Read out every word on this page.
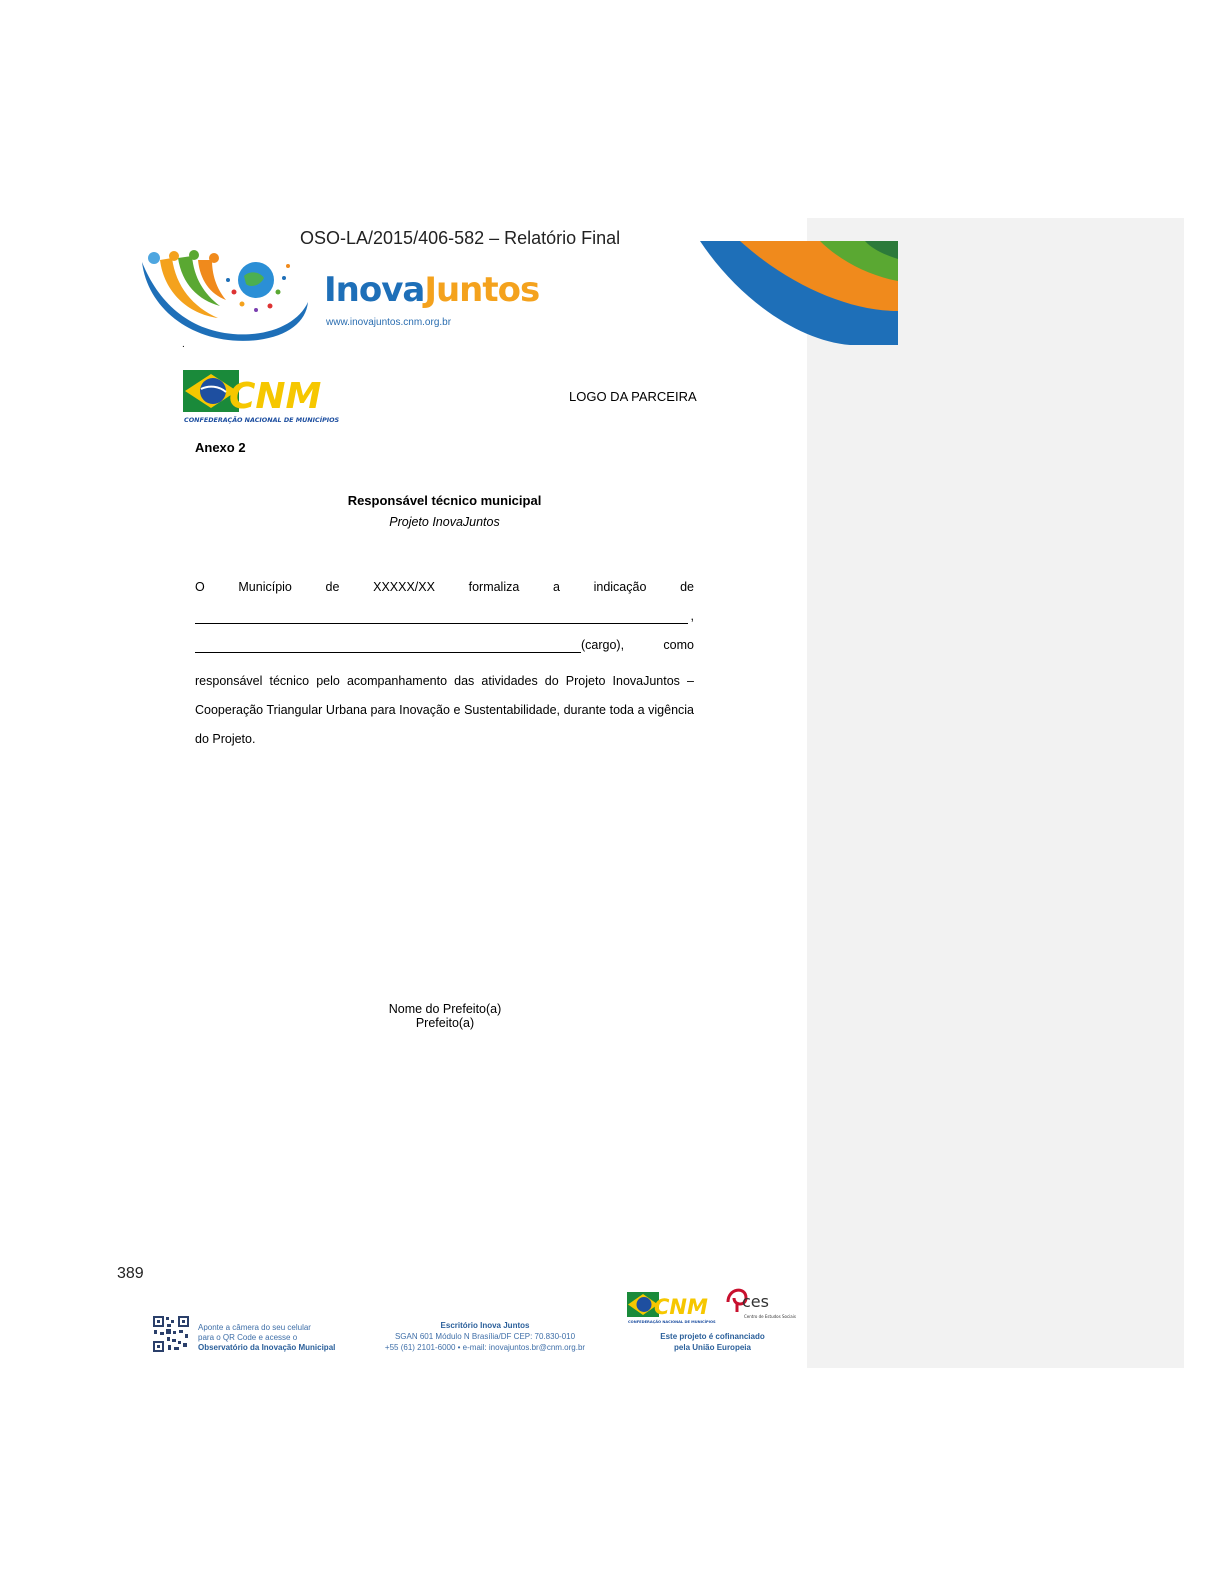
OSO-LA/2015/406-582 – Relatório Final
InovaJuntos
www.inovajuntos.cnm.org.br
.
CNM
CONFEDERAÇÃO NACIONAL DE MUNICÍPIOS
LOGO DA PARCEIRA
Anexo 2
Responsável técnico municipal
Projeto InovaJuntos
O	Município	de	XXXXX/XX	formaliza	a	indicação	de
,
(cargo),	como
responsável técnico pelo acompanhamento das atividades do Projeto InovaJuntos – Cooperação Triangular Urbana para Inovação e Sustentabilidade, durante toda a vigência do Projeto.
Nome do Prefeito(a)
Prefeito(a)
389
Aponte a câmera do seu celular
para o QR Code e acesse o
Observatório da Inovação Municipal
Escritório Inova Juntos
SGAN 601 Módulo N Brasília/DF CEP: 70.830-010
+55 (61) 2101-6000 • e-mail: inovajuntos.br@cnm.org.br
CNM
CONFEDERAÇÃO NACIONAL DE MUNICÍPIOS
ces
Centro de Estudos Sociais
Este projeto é cofinanciado
pela União Europeia
